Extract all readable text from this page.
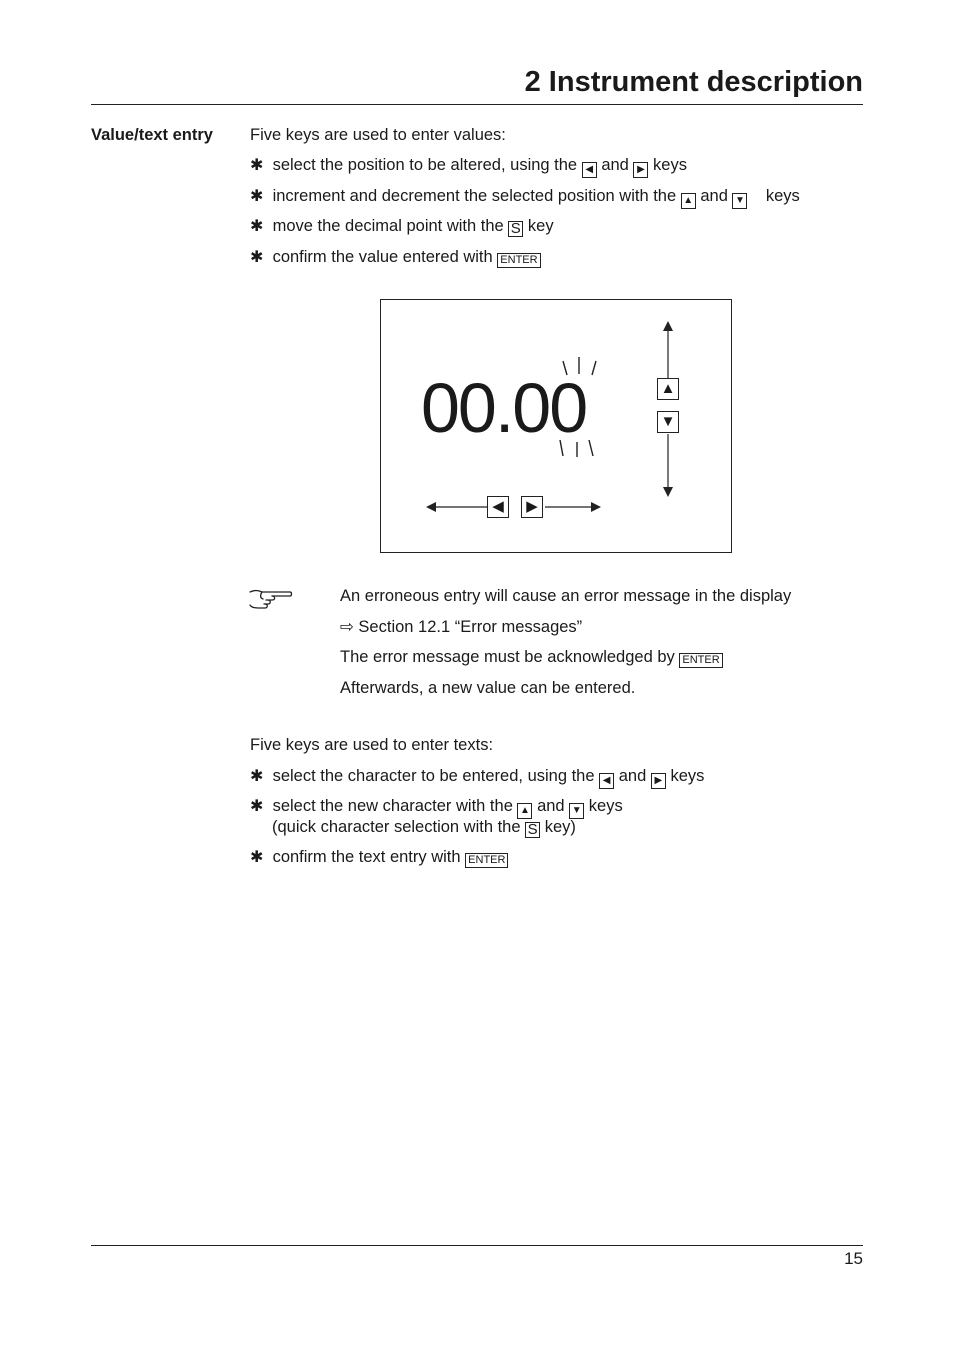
2 Instrument description
Value/text entry	Five keys are used to enter values:
✱ select the position to be altered, using the ◀ and ▶ keys
✱ increment and decrement the selected position with the ▲ and ▼ keys
✱ move the decimal point with the S key
✱ confirm the value entered with ENTER
00.00	▲
▼
◀	▶
An erroneous entry will cause an error message in the display
⇨ Section 12.1 “Error messages”
The error message must be acknowledged by ENTER
Afterwards, a new value can be entered.
Five keys are used to enter texts:
✱ select the character to be entered, using the ◀ and ▶ keys
✱ select the new character with the ▲ and ▼ keys
(quick character selection with the S key)
✱ confirm the text entry with ENTER
15
